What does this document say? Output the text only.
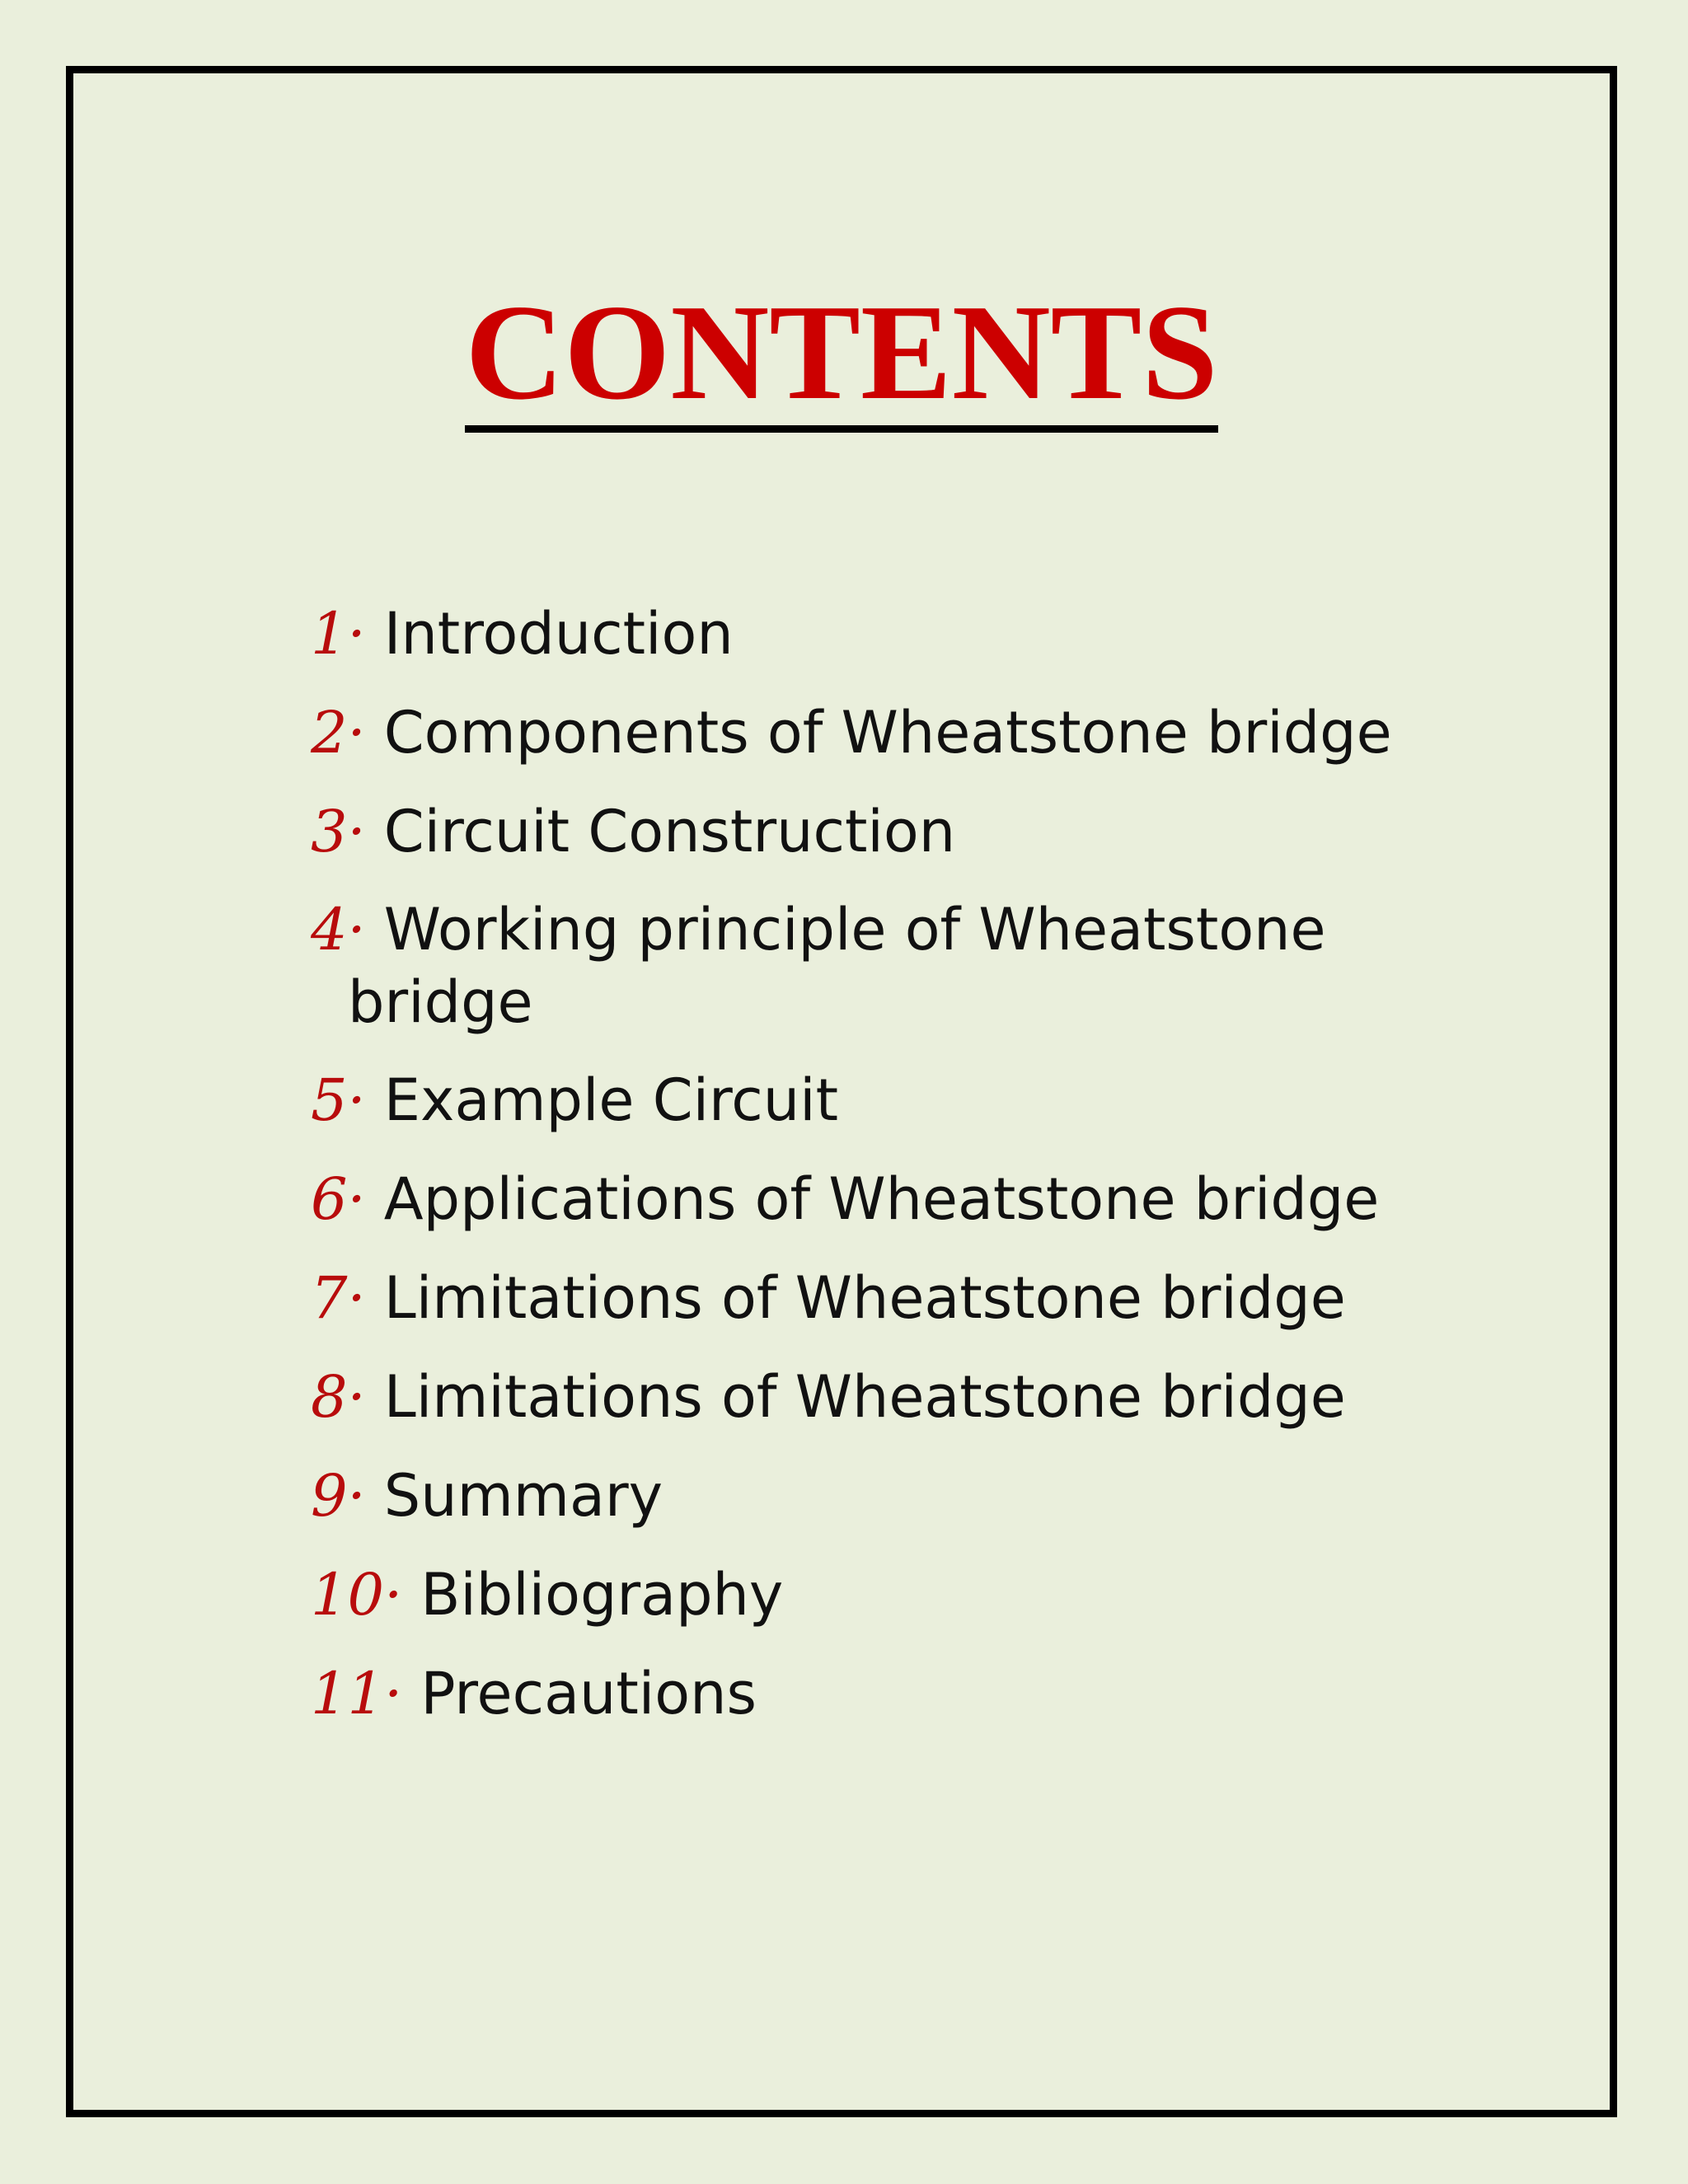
CONTENTS
1· Introduction
2· Components of Wheatstone bridge
3· Circuit Construction
4· Working principle of Wheatstone
bridge
5· Example Circuit
6· Applications of Wheatstone bridge
7· Limitations of Wheatstone bridge
8· Limitations of Wheatstone bridge
9· Summary
10· Bibliography
11· Precautions
